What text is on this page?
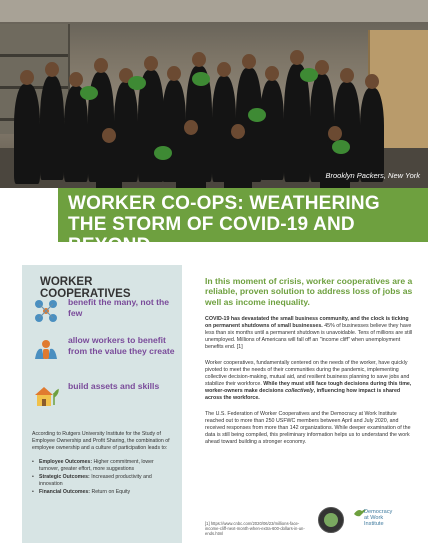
Brooklyn Packers, New York
WORKER CO-OPS: WEATHERING THE STORM OF COVID-19 AND BEYOND
WORKER COOPERATIVES
benefit the many, not the few
allow workers to benefit from the value they create
build assets and skills
According to Rutgers University Institute for the Study of Employee Ownership and Profit Sharing, the combination of employee ownership and a culture of participation leads to:
• Employee Outcomes: Higher commitment, lower turnover, greater effort, more suggestions
• Strategic Outcomes: Increased productivity and innovation
• Financial Outcomes: Return on Equity
In this moment of crisis, worker cooperatives are a reliable, proven solution to address loss of jobs as well as income inequality.

COVID-19 has devastated the small business community, and the clock is ticking on permanent shutdowns of small businesses. 45% of businesses believe they have less than six months until a permanent shutdown is unavoidable. Tens of millions are still unemployed. Millions of Americans will fall off an "income cliff" when unemployment benefits end. [1]

Worker cooperatives, fundamentally centered on the needs of the worker, have quickly pivoted to meet the needs of their communities during the pandemic, implementing collective decision-making, mutual aid, and resilient business planning to save jobs and stabilize their workforce. While they must still face tough decisions during this time, worker-owners make decisions collectively, influencing how impact is shared across the workforce.

The U.S. Federation of Worker Cooperatives and the Democracy at Work Institute reached out to more than 250 USFWC members between April and July 2020, and received responses from more than 142 organizations. While deeper examination of the data is still being compiled, this preliminary information helps us to understand the work ahead toward building a stronger economy.

[1] https://www.cnbc.com/2020/06/23/millions-face-income-cliff-next-month-when-extra-600-dollars-in-un-ends.html
Democracy
at Work
Institute
